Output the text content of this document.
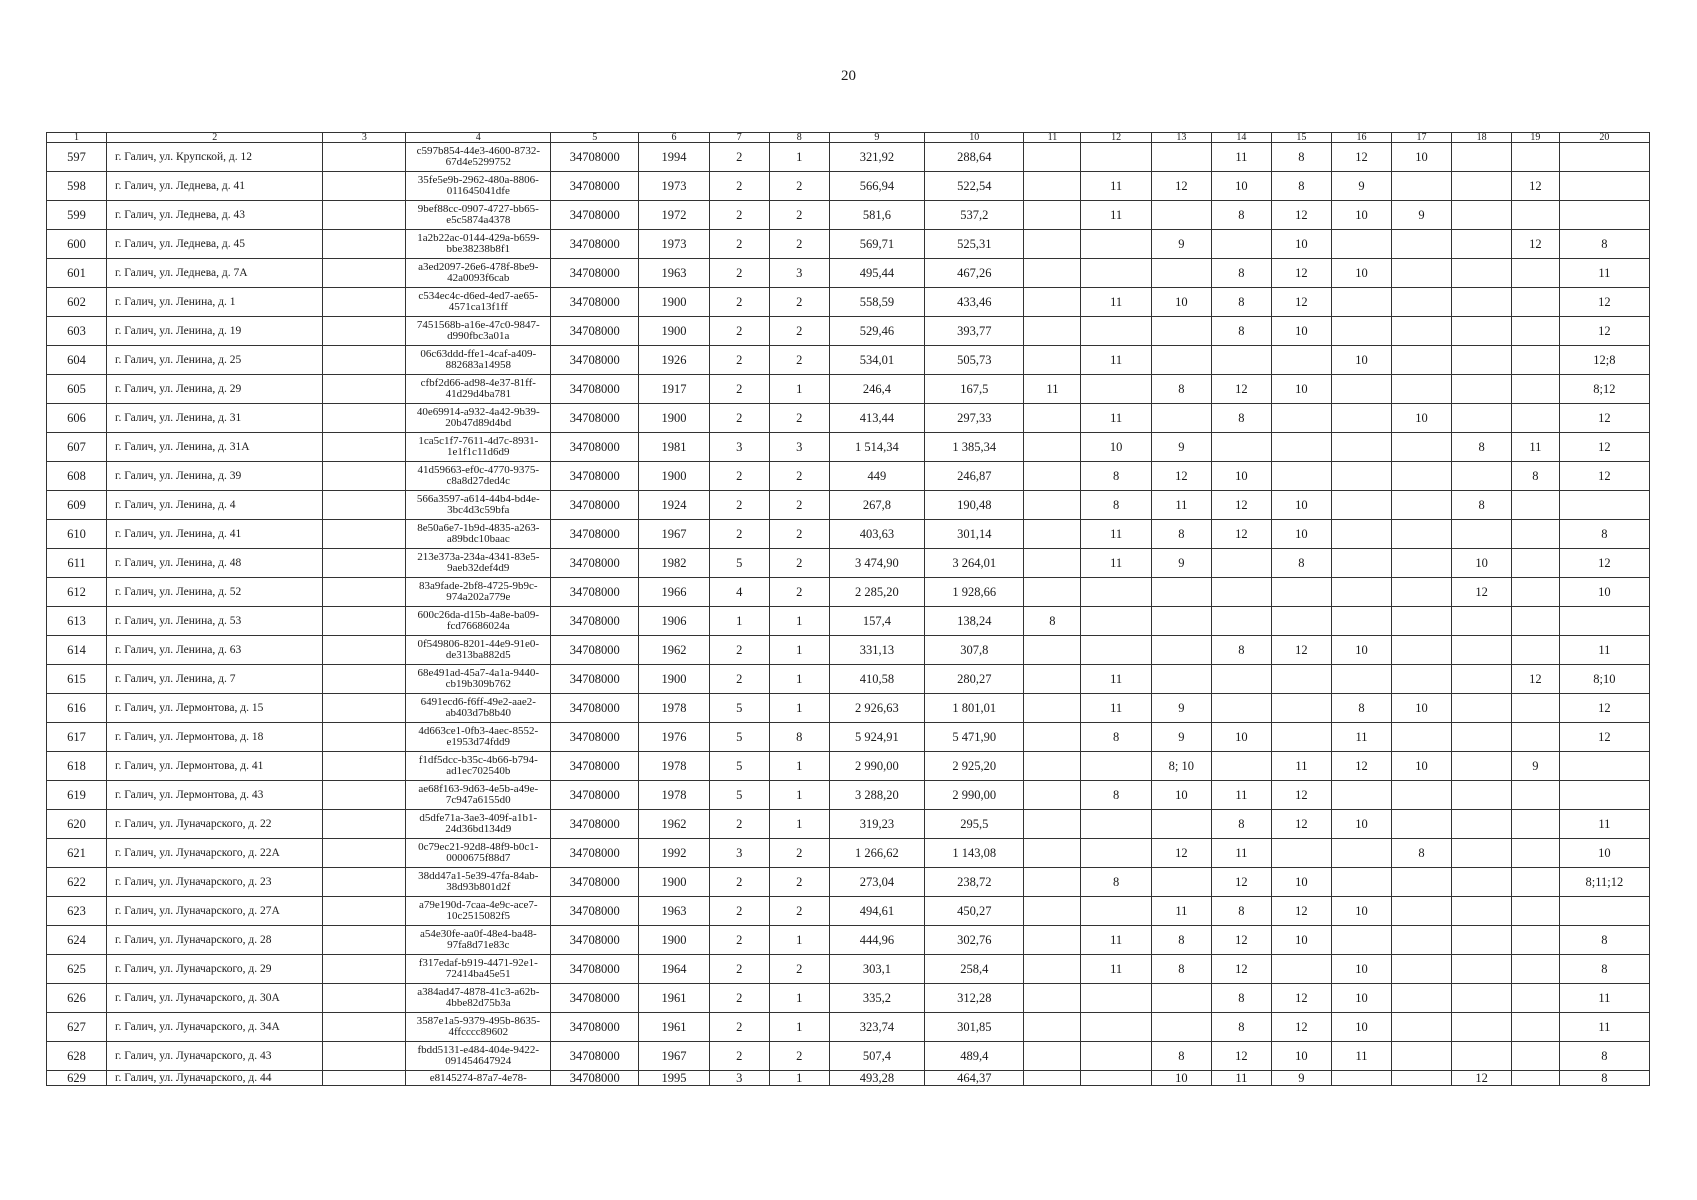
20
1	2	3	4	5	6	7	8	9	10	11	12	13	14	15	16	17	18	19	20
597	г. Галич, ул. Крупской, д. 12		c597b854-44e3-4600-8732-67d4e5299752	34708000	1994	2	1	321,92	288,64				11	8	12	10			
598	г. Галич, ул. Леднева, д. 41		35fe5e9b-2962-480a-8806-011645041dfe	34708000	1973	2	2	566,94	522,54		11	12	10	8	9			12	
599	г. Галич, ул. Леднева, д. 43		9bef88cc-0907-4727-bb65-e5c5874a4378	34708000	1972	2	2	581,6	537,2		11		8	12	10	9			
600	г. Галич, ул. Леднева, д. 45		1a2b22ac-0144-429a-b659-bbe38238b8f1	34708000	1973	2	2	569,71	525,31			9		10				12	8
601	г. Галич, ул. Леднева, д. 7А		a3ed2097-26e6-478f-8be9-42a0093f6cab	34708000	1963	2	3	495,44	467,26				8	12	10				11
602	г. Галич, ул. Ленина, д. 1		c534ec4c-d6ed-4ed7-ae65-4571ca13f1ff	34708000	1900	2	2	558,59	433,46		11	10	8	12					12
603	г. Галич, ул. Ленина, д. 19		7451568b-a16e-47c0-9847-d990fbc3a01a	34708000	1900	2	2	529,46	393,77				8	10					12
604	г. Галич, ул. Ленина, д. 25		06c63ddd-ffe1-4caf-a409-882683a14958	34708000	1926	2	2	534,01	505,73		11				10				12;8
605	г. Галич, ул. Ленина, д. 29		cfbf2d66-ad98-4e37-81ff-41d29d4ba781	34708000	1917	2	1	246,4	167,5	11		8	12	10					8;12
606	г. Галич, ул. Ленина, д. 31		40e69914-a932-4a42-9b39-20b47d89d4bd	34708000	1900	2	2	413,44	297,33		11		8			10			12
607	г. Галич, ул. Ленина, д. 31А		1ca5c1f7-7611-4d7c-8931-1e1f1c11d6d9	34708000	1981	3	3	1 514,34	1 385,34		10	9					8	11	12
608	г. Галич, ул. Ленина, д. 39		41d59663-ef0c-4770-9375-c8a8d27ded4c	34708000	1900	2	2	449	246,87		8	12	10					8	12
609	г. Галич, ул. Ленина, д. 4		566a3597-a614-44b4-bd4e-3bc4d3c59bfa	34708000	1924	2	2	267,8	190,48		8	11	12	10			8		
610	г. Галич, ул. Ленина, д. 41		8e50a6e7-1b9d-4835-a263-a89bdc10baac	34708000	1967	2	2	403,63	301,14		11	8	12	10					8
611	г. Галич, ул. Ленина, д. 48		213e373a-234a-4341-83e5-9aeb32def4d9	34708000	1982	5	2	3 474,90	3 264,01		11	9		8			10		12
612	г. Галич, ул. Ленина, д. 52		83a9fade-2bf8-4725-9b9c-974a202a779e	34708000	1966	4	2	2 285,20	1 928,66								12		10
613	г. Галич, ул. Ленина, д. 53		600c26da-d15b-4a8e-ba09-fcd76686024a	34708000	1906	1	1	157,4	138,24	8									
614	г. Галич, ул. Ленина, д. 63		0f549806-8201-44e9-91e0-de313ba882d5	34708000	1962	2	1	331,13	307,8				8	12	10				11
615	г. Галич, ул. Ленина, д. 7		68e491ad-45a7-4a1a-9440-cb19b309b762	34708000	1900	2	1	410,58	280,27		11							12	8;10
616	г. Галич, ул. Лермонтова, д. 15		6491ecd6-f6ff-49e2-aae2-ab403d7b8b40	34708000	1978	5	1	2 926,63	1 801,01		11	9			8	10			12
617	г. Галич, ул. Лермонтова, д. 18		4d663ce1-0fb3-4aec-8552-e1953d74fdd9	34708000	1976	5	8	5 924,91	5 471,90		8	9	10		11				12
618	г. Галич, ул. Лермонтова, д. 41		f1df5dcc-b35c-4b66-b794-ad1ec702540b	34708000	1978	5	1	2 990,00	2 925,20			8; 10		11	12	10		9	
619	г. Галич, ул. Лермонтова, д. 43		ae68f163-9d63-4e5b-a49e-7c947a6155d0	34708000	1978	5	1	3 288,20	2 990,00		8	10	11	12					
620	г. Галич, ул. Луначарского, д. 22		d5dfe71a-3ae3-409f-a1b1-24d36bd134d9	34708000	1962	2	1	319,23	295,5				8	12	10				11
621	г. Галич, ул. Луначарского, д. 22А		0c79ec21-92d8-48f9-b0c1-0000675f88d7	34708000	1992	3	2	1 266,62	1 143,08			12	11			8			10
622	г. Галич, ул. Луначарского, д. 23		38dd47a1-5e39-47fa-84ab-38d93b801d2f	34708000	1900	2	2	273,04	238,72		8		12	10					8;11;12
623	г. Галич, ул. Луначарского, д. 27А		a79e190d-7caa-4e9c-ace7-10c2515082f5	34708000	1963	2	2	494,61	450,27			11	8	12	10				
624	г. Галич, ул. Луначарского, д. 28		a54e30fe-aa0f-48e4-ba48-97fa8d71e83c	34708000	1900	2	1	444,96	302,76		11	8	12	10					8
625	г. Галич, ул. Луначарского, д. 29		f317edaf-b919-4471-92e1-72414ba45e51	34708000	1964	2	2	303,1	258,4		11	8	12		10				8
626	г. Галич, ул. Луначарского, д. 30А		a384ad47-4878-41c3-a62b-4bbe82d75b3a	34708000	1961	2	1	335,2	312,28				8	12	10				11
627	г. Галич, ул. Луначарского, д. 34А		3587e1a5-9379-495b-8635-4ffcccc89602	34708000	1961	2	1	323,74	301,85				8	12	10				11
628	г. Галич, ул. Луначарского, д. 43		fbdd5131-e484-404e-9422-091454647924	34708000	1967	2	2	507,4	489,4			8	12	10	11				8
629	г. Галич, ул. Луначарского, д. 44		e8145274-87a7-4e78-	34708000	1995	3	1	493,28	464,37			10	11	9			12		8
